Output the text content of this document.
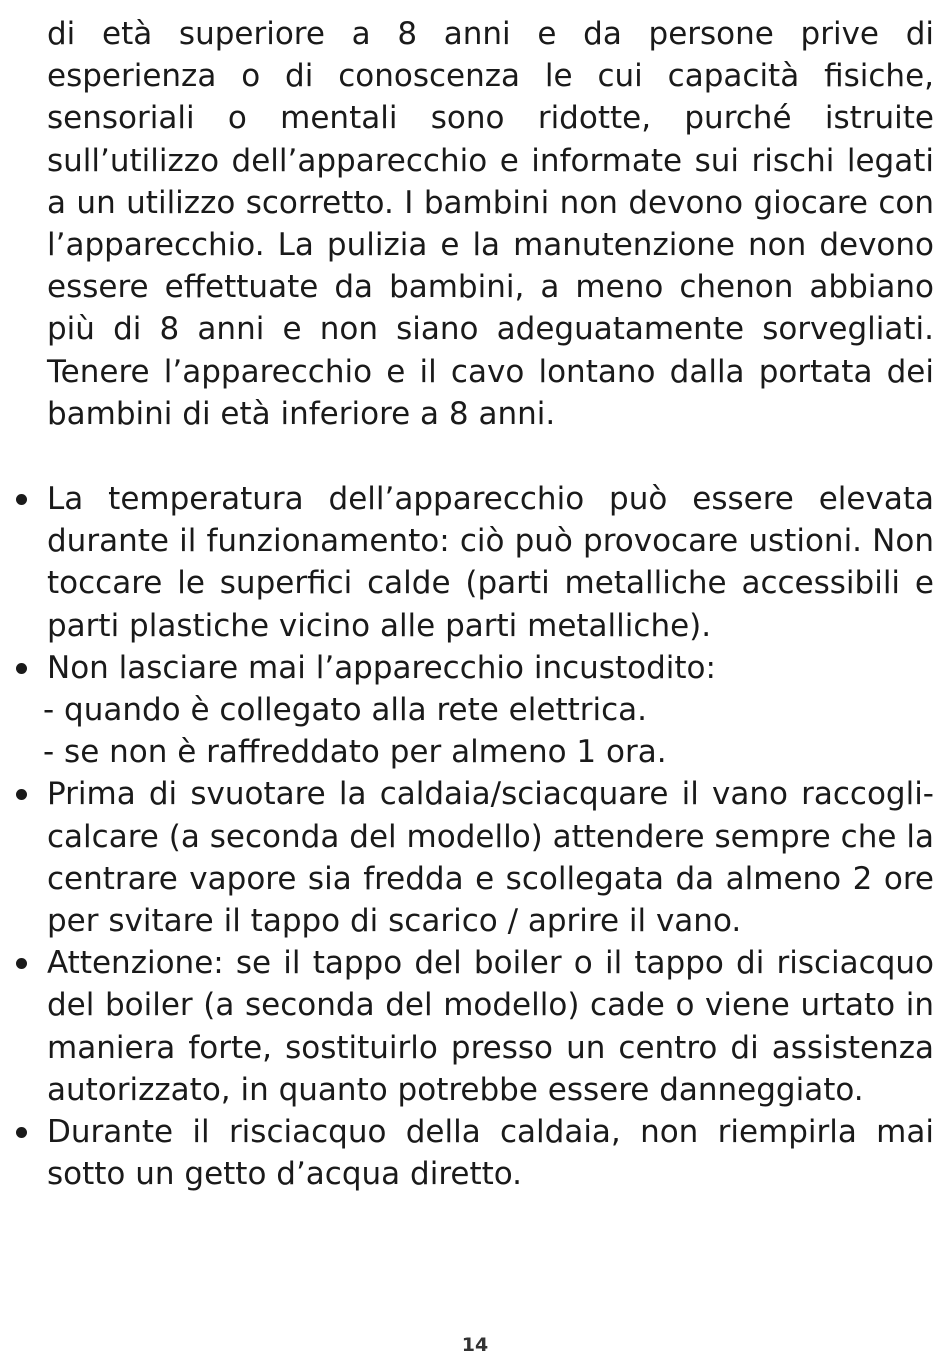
di età superiore a 8 anni e da persone prive di esperienza o di conoscenza le cui capacità fisiche, sensoriali o mentali sono ridotte, purché istruite sull’utilizzo dell’apparecchio e informate sui rischi legati a un utilizzo scorretto. I bambini non devono giocare con l’apparecchio. La pulizia e la manutenzione non devono essere effettuate da bambini, a meno chenon abbiano più di 8 anni e non siano adeguatamente sorvegliati. Tenere l’apparecchio e il cavo lontano dalla portata dei bambini di età inferiore a 8 anni.

La temperatura dell’apparecchio può essere elevata durante il funzionamento: ciò può provocare ustioni. Non toccare le superfici calde (parti metalliche accessibili e parti plastiche vicino alle parti metalliche).
Non lasciare mai l’apparecchio incustodito:
- quando è collegato alla rete elettrica.
- se non è raffreddato per almeno 1 ora.
Prima di svuotare la caldaia/sciacquare il vano raccogli-calcare (a seconda del modello) attendere sempre che la centrare vapore sia fredda e scollegata da almeno 2 ore per svitare il tappo di scarico / aprire il vano.
Attenzione: se il tappo del boiler o il tappo di risciacquo del boiler (a seconda del modello) cade o viene urtato in maniera forte, sostituirlo presso un centro di assistenza autorizzato, in quanto potrebbe essere danneggiato.
Durante il risciacquo della caldaia, non riempirla mai sotto un getto d’acqua diretto.
14
